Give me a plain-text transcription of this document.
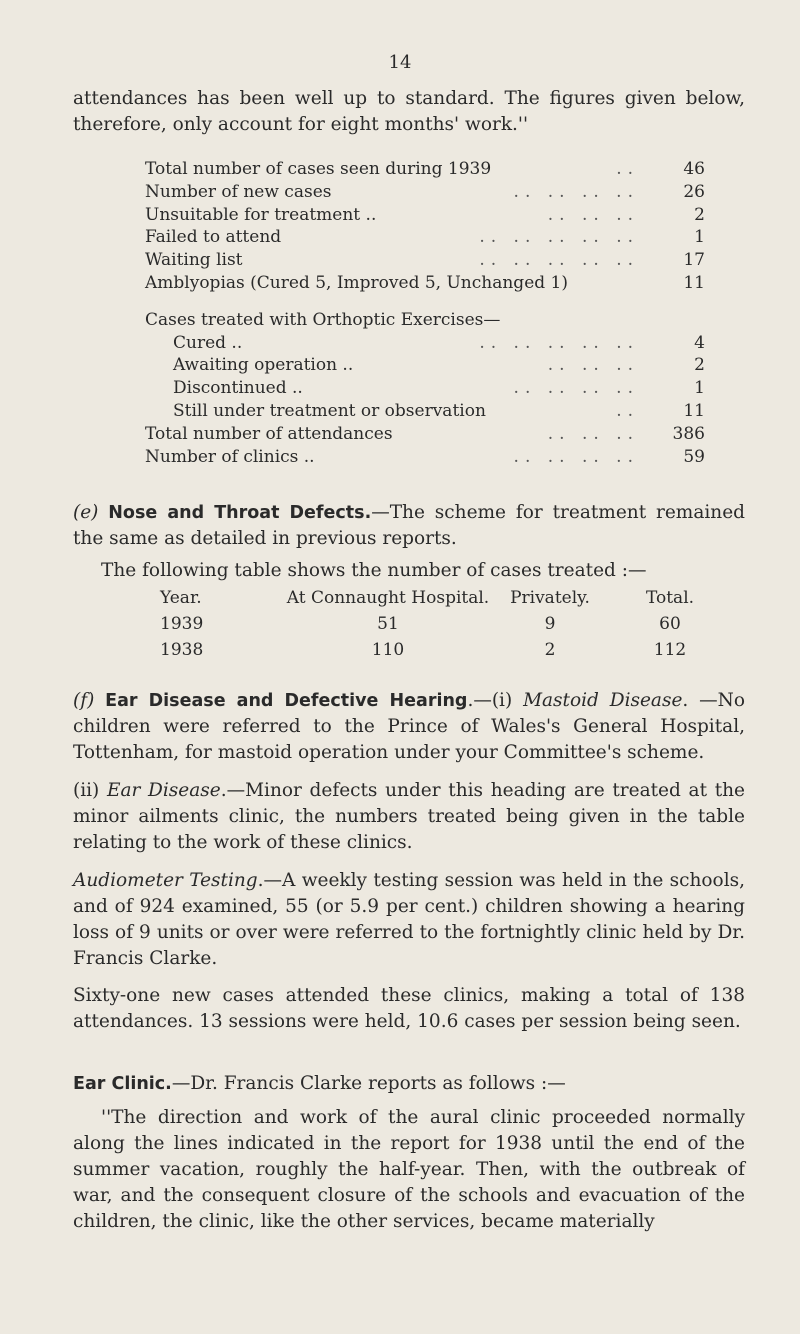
14

attendances has been well up to standard. The figures given below, therefore, only account for eight months' work.''

Total number of cases seen during 1939	..	46
Number of new cases	.. .. .. ..	26
Unsuitable for treatment ..	.. .. ..	2
Failed to attend	.. .. .. .. ..	1
Waiting list	.. .. .. .. ..	17
Amblyopias (Cured 5, Improved 5, Unchanged 1)	11
Cases treated with Orthoptic Exercises—
Cured ..	.. .. .. .. ..	4
Awaiting operation ..	.. .. ..	2
Discontinued ..	.. .. .. ..	1
Still under treatment or observation	..	11
Total number of attendances	.. .. ..	386
Number of clinics ..	.. .. .. ..	59

(e) Nose and Throat Defects.—The scheme for treatment remained the same as detailed in previous reports.

The following table shows the number of cases treated :—

Year.	At Connaught Hospital.	Privately.	Total.
1939	51	9	60
1938	110	2	112

(f) Ear Disease and Defective Hearing.—(i) Mastoid Disease. —No children were referred to the Prince of Wales's General Hospital, Tottenham, for mastoid operation under your Committee's scheme.

(ii) Ear Disease.—Minor defects under this heading are treated at the minor ailments clinic, the numbers treated being given in the table relating to the work of these clinics.

Audiometer Testing.—A weekly testing session was held in the schools, and of 924 examined, 55 (or 5.9 per cent.) children showing a hearing loss of 9 units or over were referred to the fortnightly clinic held by Dr. Francis Clarke.

Sixty-one new cases attended these clinics, making a total of 138 attendances. 13 sessions were held, 10.6 cases per session being seen.

Ear Clinic.—Dr. Francis Clarke reports as follows :—

''The direction and work of the aural clinic proceeded normally along the lines indicated in the report for 1938 until the end of the summer vacation, roughly the half-year. Then, with the outbreak of war, and the consequent closure of the schools and evacuation of the children, the clinic, like the other services, became materially
